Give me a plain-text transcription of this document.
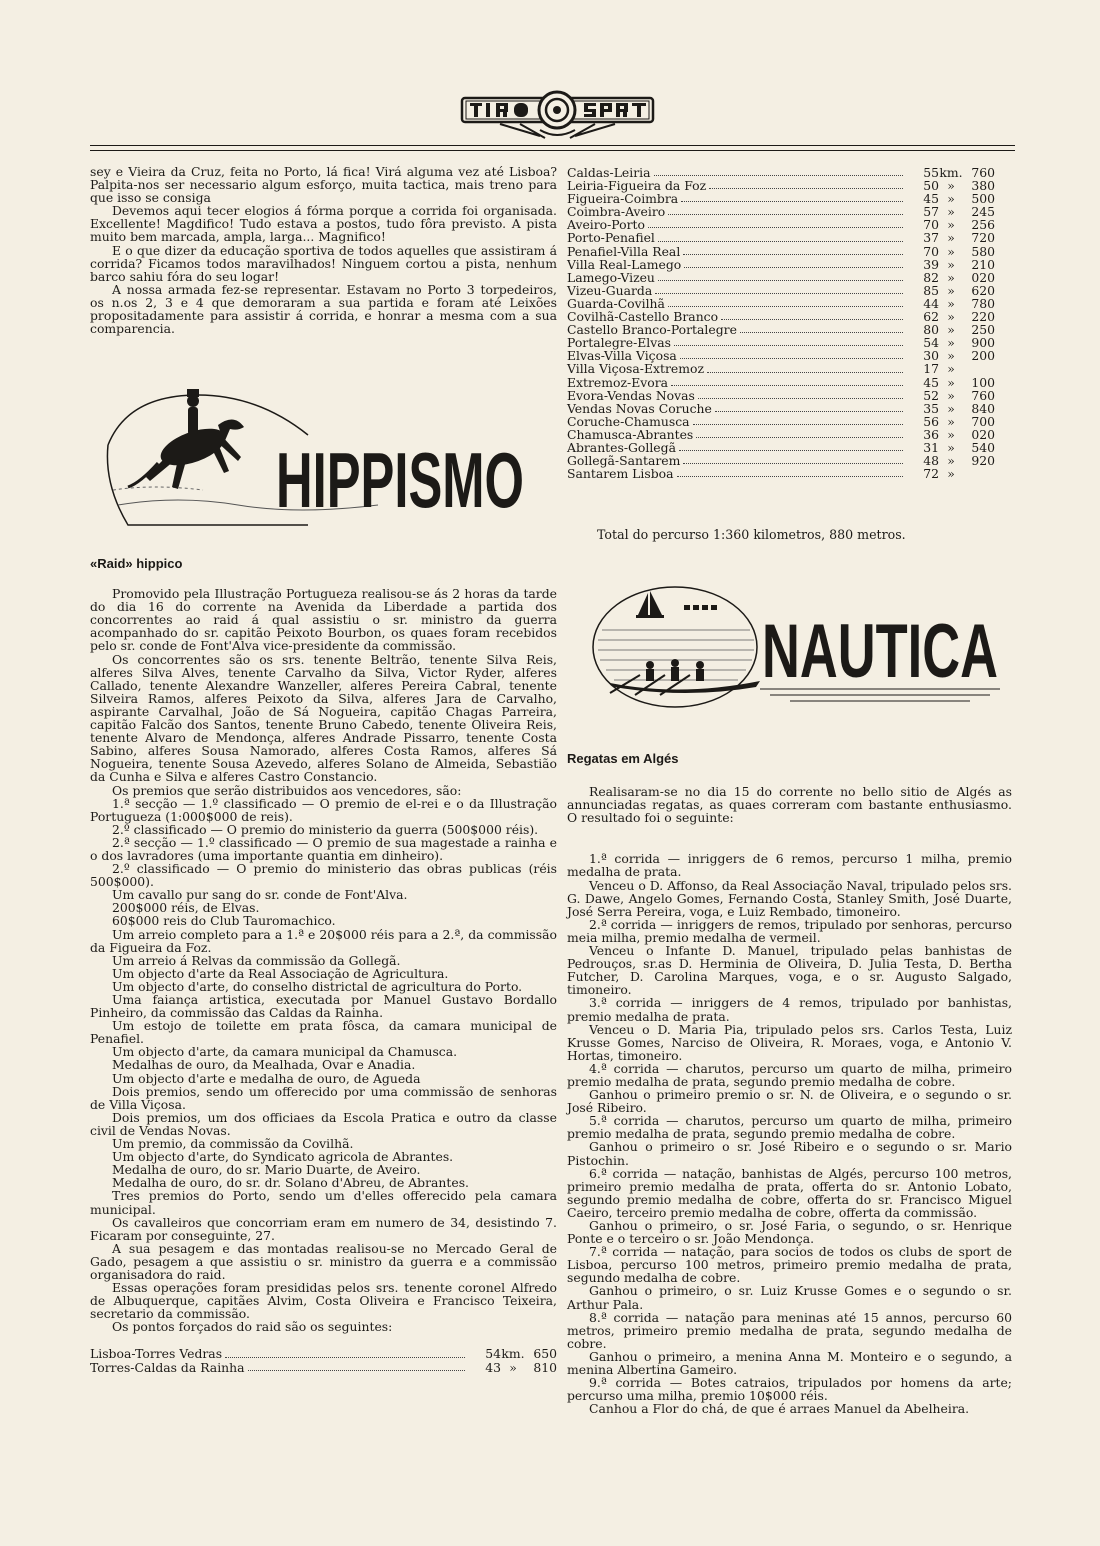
sey e Vieira da Cruz, feita no Porto, lá fica! Virá alguma vez até Lisboa? Palpita-nos ser necessario algum esforço, muita tactica, mais treno para que isso se consiga

Devemos aqui tecer elogios á fórma porque a corrida foi organisada. Excellente! Magdifico! Tudo estava a postos, tudo fôra previsto. A pista muito bem marcada, ampla, larga... Magnifico!

E o que dizer da educação sportiva de todos aquelles que assistiram á corrida? Ficamos todos maravilhados! Ninguem cortou a pista, nenhum barco sahiu fóra do seu logar!

A nossa armada fez-se representar. Estavam no Porto 3 torpedeiros, os n.os 2, 3 e 4 que demoraram a sua partida e foram até Leixões propositadamente para assistir á corrida, e honrar a mesma com a sua comparencia.

HIPPISMO
«Raid» hippico

Promovido pela Illustração Portugueza realisou-se ás 2 horas da tarde do dia 16 do corrente na Avenida da Liberdade a partida dos concorrentes ao raid á qual assistiu o sr. ministro da guerra acompanhado do sr. capitão Peixoto Bourbon, os quaes foram recebidos pelo sr. conde de Font'Alva vice-presidente da commissão.

Os concorrentes são os srs. tenente Beltrão, tenente Silva Reis, alferes Silva Alves, tenente Carvalho da Silva, Victor Ryder, alferes Callado, tenente Alexandre Wanzeller, alferes Pereira Cabral, tenente Silveira Ramos, alferes Peixoto da Silva, alferes Jara de Carvalho, aspirante Carvalhal, João de Sá Nogueira, capitão Chagas Parreira, capitão Falcão dos Santos, tenente Bruno Cabedo, tenente Oliveira Reis, tenente Alvaro de Mendonça, alferes Andrade Pissarro, tenente Costa Sabino, alferes Sousa Namorado, alferes Costa Ramos, alferes Sá Nogueira, tenente Sousa Azevedo, alferes Solano de Almeida, Sebastião da Cunha e Silva e alferes Castro Constancio.

Os premios que serão distribuidos aos vencedores, são:

1.ª secção — 1.º classificado — O premio de el-rei e o da Illustração Portugueza (1:000$000 de reis).

2.º classificado — O premio do ministerio da guerra (500$000 réis).

2.ª secção — 1.º classificado — O premio de sua magestade a rainha e o dos lavradores (uma importante quantia em dinheiro).

2.º classificado — O premio do ministerio das obras publicas (réis 500$000).

Um cavallo pur sang do sr. conde de Font'Alva.

200$000 réis, de Elvas.

60$000 reis do Club Tauromachico.

Um arreio completo para a 1.ª e 20$000 réis para a 2.ª, da commissão da Figueira da Foz.

Um arreio á Relvas da commissão da Gollegã.

Um objecto d'arte da Real Associação de Agricultura.

Um objecto d'arte, do conselho districtal de agricultura do Porto.

Uma faiança artistica, executada por Manuel Gustavo Bordallo Pinheiro, da commissão das Caldas da Rainha.

Um estojo de toilette em prata fôsca, da camara municipal de Penafiel.

Um objecto d'arte, da camara municipal da Chamusca.

Medalhas de ouro, da Mealhada, Ovar e Anadia.

Um objecto d'arte e medalha de ouro, de Agueda

Dois premios, sendo um offerecido por uma commissão de senhoras de Villa Viçosa.

Dois premios, um dos officiaes da Escola Pratica e outro da classe civil de Vendas Novas.

Um premio, da commissão da Covilhã.

Um objecto d'arte, do Syndicato agricola de Abrantes.

Medalha de ouro, do sr. Mario Duarte, de Aveiro.

Medalha de ouro, do sr. dr. Solano d'Abreu, de Abrantes.

Tres premios do Porto, sendo um d'elles offerecido pela camara municipal.

Os cavalleiros que concorriam eram em numero de 34, desistindo 7. Ficaram por conseguinte, 27.

A sua pesagem e das montadas realisou-se no Mercado Geral de Gado, pesagem a que assistiu o sr. ministro da guerra e a commissão organisadora do raid.

Essas operações foram presididas pelos srs. tenente coronel Alfredo de Albuquerque, capitães Alvim, Costa Oliveira e Francisco Teixeira, secretario da commissão.

Os pontos forçados do raid são os seguintes:

Lisboa-Torres Vedras	54 km. 650
Torres-Caldas da Rainha	43 »	810
Caldas-Leiria	55 km. 760
Leiria-Figueira da Foz	50 »	380
Figueira-Coimbra	45 »	500
Coimbra-Aveiro	57 »	245
Aveiro-Porto	70 »	256
Porto-Penafiel	37 »	720
Penafiel-Villa Real	70 »	580
Villa Real-Lamego	39 »	210
Lamego-Vizeu	82 »	020
Vizeu-Guarda	85 »	620
Guarda-Covilhã	44 »	780
Covilhã-Castello Branco	62 »	220
Castello Branco-Portalegre	80 »	250
Portalegre-Elvas	54 »	900
Elvas-Villa Viçosa	30 »	200
Villa Viçosa-Extremoz	17 »
Extremoz-Evora	45 »	100
Evora-Vendas Novas	52 »	760
Vendas Novas Coruche	35 »	840
Coruche-Chamusca	56 »	700
Chamusca-Abrantes	36 »	020
Abrantes-Gollegã	31 »	540
Gollegã-Santarem	48 »	920
Santarem Lisboa	72 »
Total do percurso 1:360 kilometros, 880 metros.
NAUTICA
Regatas em Algés

Realisaram-se no dia 15 do corrente no bello sitio de Algés as annunciadas regatas, as quaes correram com bastante enthusiasmo. O resultado foi o seguinte:

1.ª corrida — inriggers de 6 remos, percurso 1 milha, premio medalha de prata.

Venceu o D. Affonso, da Real Associação Naval, tripulado pelos srs. G. Dawe, Angelo Gomes, Fernando Costa, Stanley Smith, José Duarte, José Serra Pereira, voga, e Luiz Rembado, timoneiro.

2.ª corrida — inriggers de remos, tripulado por senhoras, percurso meia milha, premio medalha de vermeil.

Venceu o Infante D. Manuel, tripulado pelas banhistas de Pedrouços, sr.as D. Herminia de Oliveira, D. Julia Testa, D. Bertha Futcher, D. Carolina Marques, voga, e o sr. Augusto Salgado, timoneiro.

3.ª corrida — inriggers de 4 remos, tripulado por banhistas, premio medalha de prata.

Venceu o D. Maria Pia, tripulado pelos srs. Carlos Testa, Luiz Krusse Gomes, Narciso de Oliveira, R. Moraes, voga, e Antonio V. Hortas, timoneiro.

4.ª corrida — charutos, percurso um quarto de milha, primeiro premio medalha de prata, segundo premio medalha de cobre.

Ganhou o primeiro premio o sr. N. de Oliveira, e o segundo o sr. José Ribeiro.

5.ª corrida — charutos, percurso um quarto de milha, primeiro premio medalha de prata, segundo premio medalha de cobre.

Ganhou o primeiro o sr. José Ribeiro e o segundo o sr. Mario Pistochin.

6.ª corrida — natação, banhistas de Algés, percurso 100 metros, primeiro premio medalha de prata, offerta do sr. Antonio Lobato, segundo premio medalha de cobre, offerta do sr. Francisco Miguel Caeiro, terceiro premio medalha de cobre, offerta da commissão.

Ganhou o primeiro, o sr. José Faria, o segundo, o sr. Henrique Ponte e o terceiro o sr. João Mendonça.

7.ª corrida — natação, para socios de todos os clubs de sport de Lisboa, percurso 100 metros, primeiro premio medalha de prata, segundo medalha de cobre.

Ganhou o primeiro, o sr. Luiz Krusse Gomes e o segundo o sr. Arthur Pala.

8.ª corrida — natação para meninas até 15 annos, percurso 60 metros, primeiro premio medalha de prata, segundo medalha de cobre.

Ganhou o primeiro, a menina Anna M. Monteiro e o segundo, a menina Albertina Gameiro.

9.ª corrida — Botes catraios, tripulados por homens da arte; percurso uma milha, premio 10$000 réis.

Canhou a Flor do chá, de que é arraes Manuel da Abelheira.
